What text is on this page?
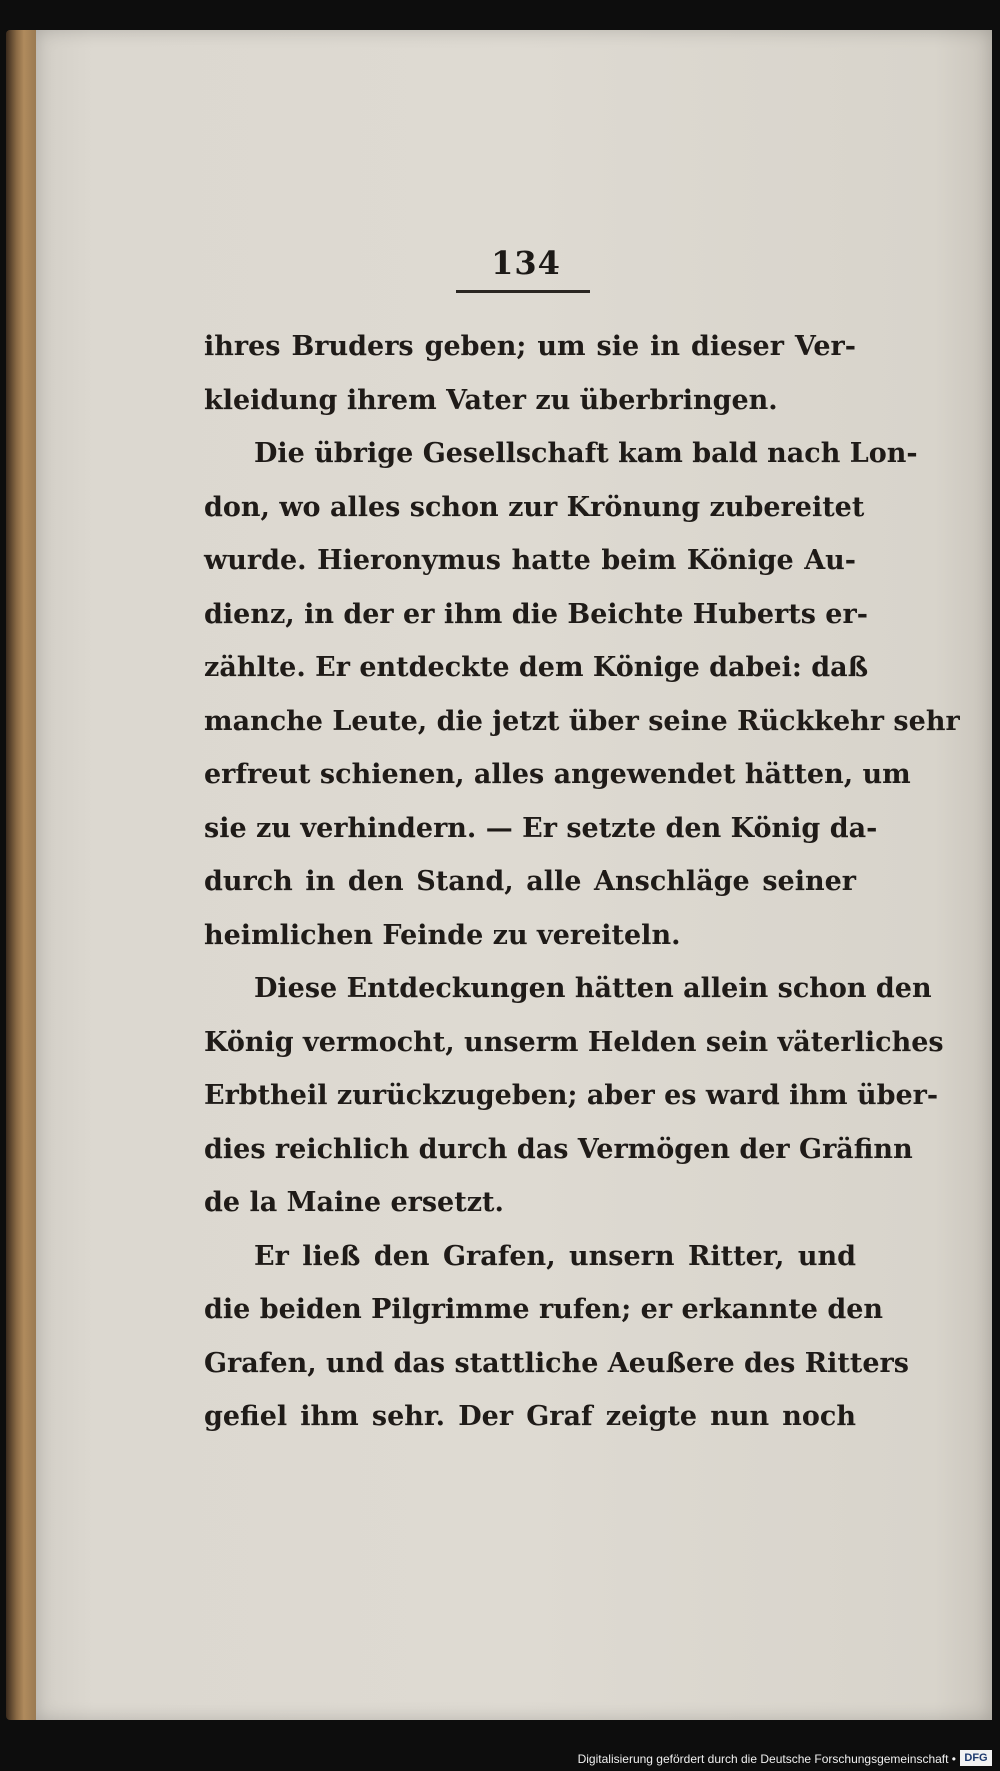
134
ihres Bruders geben; um sie in dieser Ver-
kleidung ihrem Vater zu überbringen.
Die übrige Gesellschaft kam bald nach Lon-
don, wo alles schon zur Krönung zubereitet
wurde. Hieronymus hatte beim Könige Au-
dienz, in der er ihm die Beichte Huberts er-
zählte. Er entdeckte dem Könige dabei: daß
manche Leute, die jetzt über seine Rückkehr sehr
erfreut schienen, alles angewendet hätten, um
sie zu verhindern. — Er setzte den König da-
durch in den Stand, alle Anschläge seiner
heimlichen Feinde zu vereiteln.
Diese Entdeckungen hätten allein schon den
König vermocht, unserm Helden sein väterliches
Erbtheil zurückzugeben; aber es ward ihm über-
dies reichlich durch das Vermögen der Gräfinn
de la Maine ersetzt.
Er ließ den Grafen, unsern Ritter, und
die beiden Pilgrimme rufen; er erkannte den
Grafen, und das stattliche Aeußere des Ritters
gefiel ihm sehr. Der Graf zeigte nun noch
Digitalisierung gefördert durch die Deutsche Forschungsgemeinschaft • DFG
